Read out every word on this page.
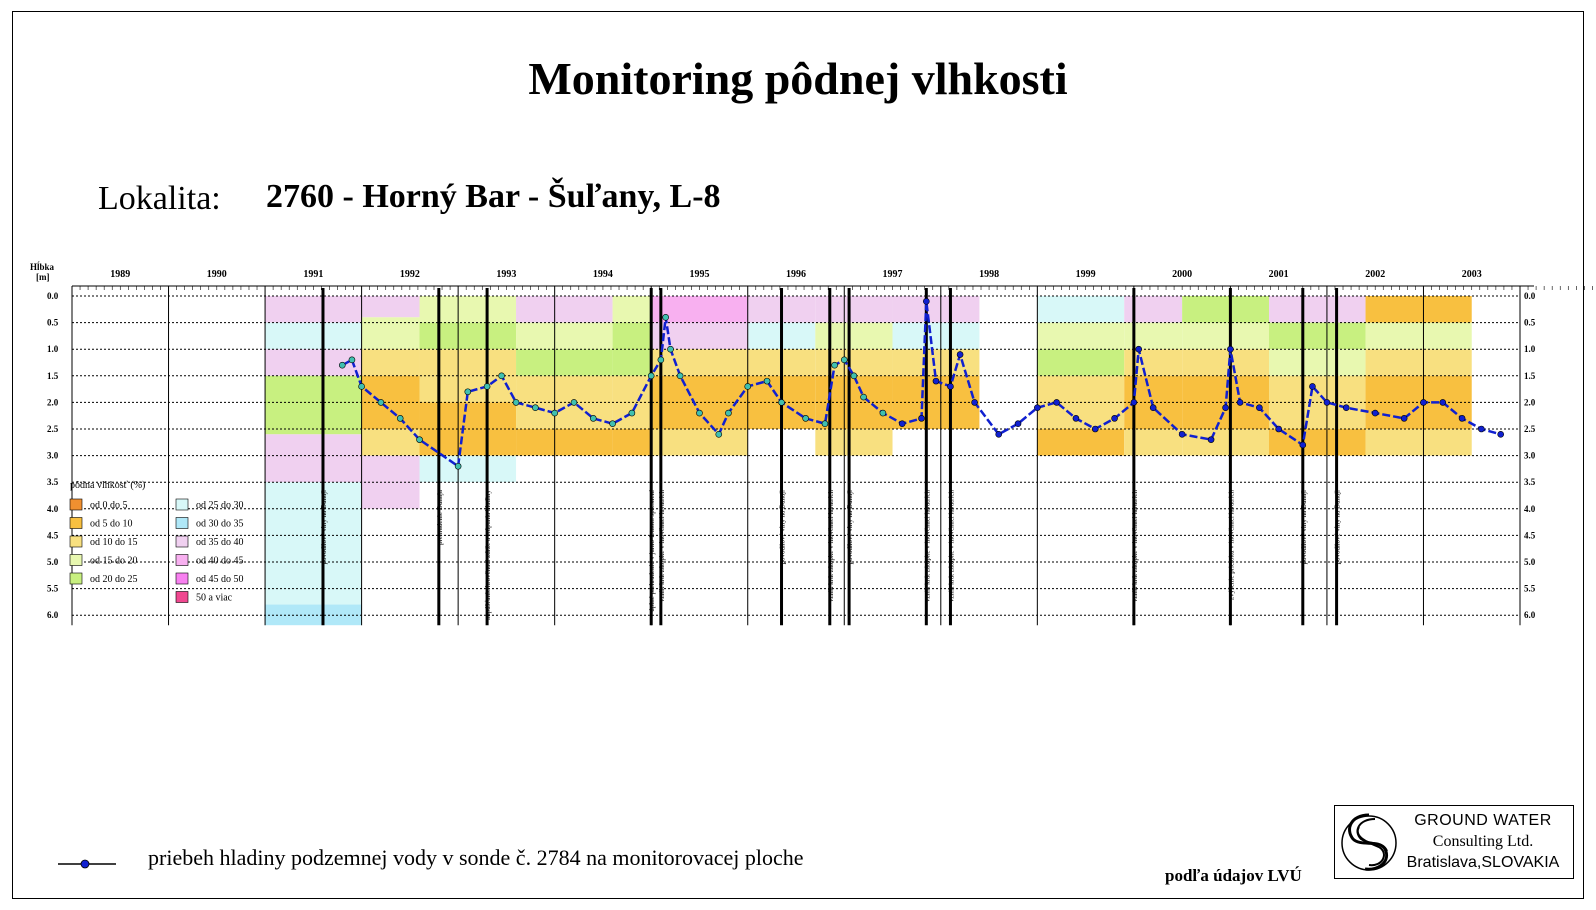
Monitoring pôdnej vlhkosti
Lokalita: 2760 - Horný Bar - Šuľany, L-8
0.0	0.0
0.5	0.5
1.0	1.0
1.5	1.5
2.0	2.0
2.5	2.5
3.0	3.0
3.5	3.5
4.0	4.0
4.5	4.5
5.0	5.0
5.5	5.5
6.0	6.0
1989	1990	1991	1992	1993	1994	1995	1996	1997	1998	1999	2000	2001	2002	2003
Hĺbka
[m]
povodňové vlny na Dunaji	prehradenie Dunaja	napúšťanie hrovčnaci zdrže a stúpania hladiny	úplné prehradenie v jarno-letnom spresnení vznik krát zátopke v inovčnaci lavatrích	povodňové vlny na Dunaji	vznik krát zátopke v inovčnaci lavatrích povodňové vlny na Dunaji	vznik krát zátopke v inovčnaci lavatrích vznik krát zátopke v inovčnaci lavatrích	vznik krát zátopke v inovčnaci lavatrích	zvýšenie prietoku v inovčnaci lavatrích	povodňové vlny na Dunaji	povodňové vlny na Dunaji
pôdna vlhkosť (%)
od 0 do 5
od 5 do 10
od 10 do 15
od 15 do 20
od 20 do 25
od 25 do 30
od 30 do 35
od 35 do 40
od 40 do 45
od 45 do 50
50 a viac
priebeh hladiny podzemnej vody v sonde č. 2784 na monitorovacej ploche
podľa údajov LVÚ
GROUND WATER
Consulting Ltd.
Bratislava,SLOVAKIA
